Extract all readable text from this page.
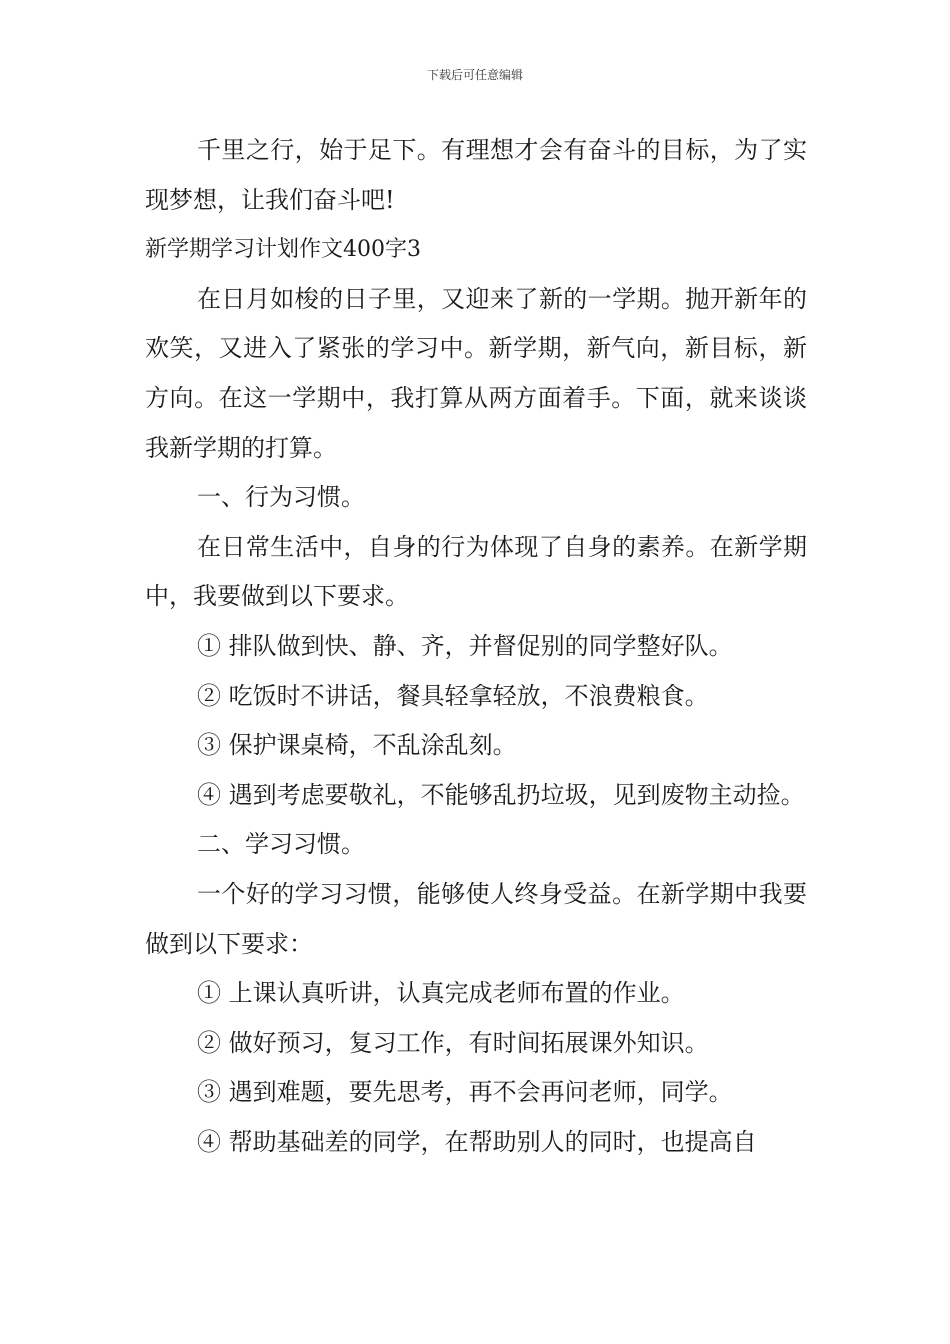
下载后可任意编辑

千里之行，始于足下。有理想才会有奋斗的目标，为了实现梦想，让我们奋斗吧!

新学期学习计划作文400字3

在日月如梭的日子里，又迎来了新的一学期。抛开新年的欢笑，又进入了紧张的学习中。新学期，新气向，新目标，新方向。在这一学期中，我打算从两方面着手。下面，就来谈谈我新学期的打算。

一、行为习惯。

在日常生活中，自身的行为体现了自身的素养。在新学期中，我要做到以下要求。

① 排队做到快、静、齐，并督促别的同学整好队。

② 吃饭时不讲话，餐具轻拿轻放，不浪费粮食。

③ 保护课桌椅，不乱涂乱刻。

④ 遇到考虑要敬礼，不能够乱扔垃圾，见到废物主动捡。

二、学习习惯。

一个好的学习习惯，能够使人终身受益。在新学期中我要做到以下要求：

① 上课认真听讲，认真完成老师布置的作业。

② 做好预习，复习工作，有时间拓展课外知识。

③ 遇到难题，要先思考，再不会再问老师，同学。

④ 帮助基础差的同学，在帮助别人的同时，也提高自
